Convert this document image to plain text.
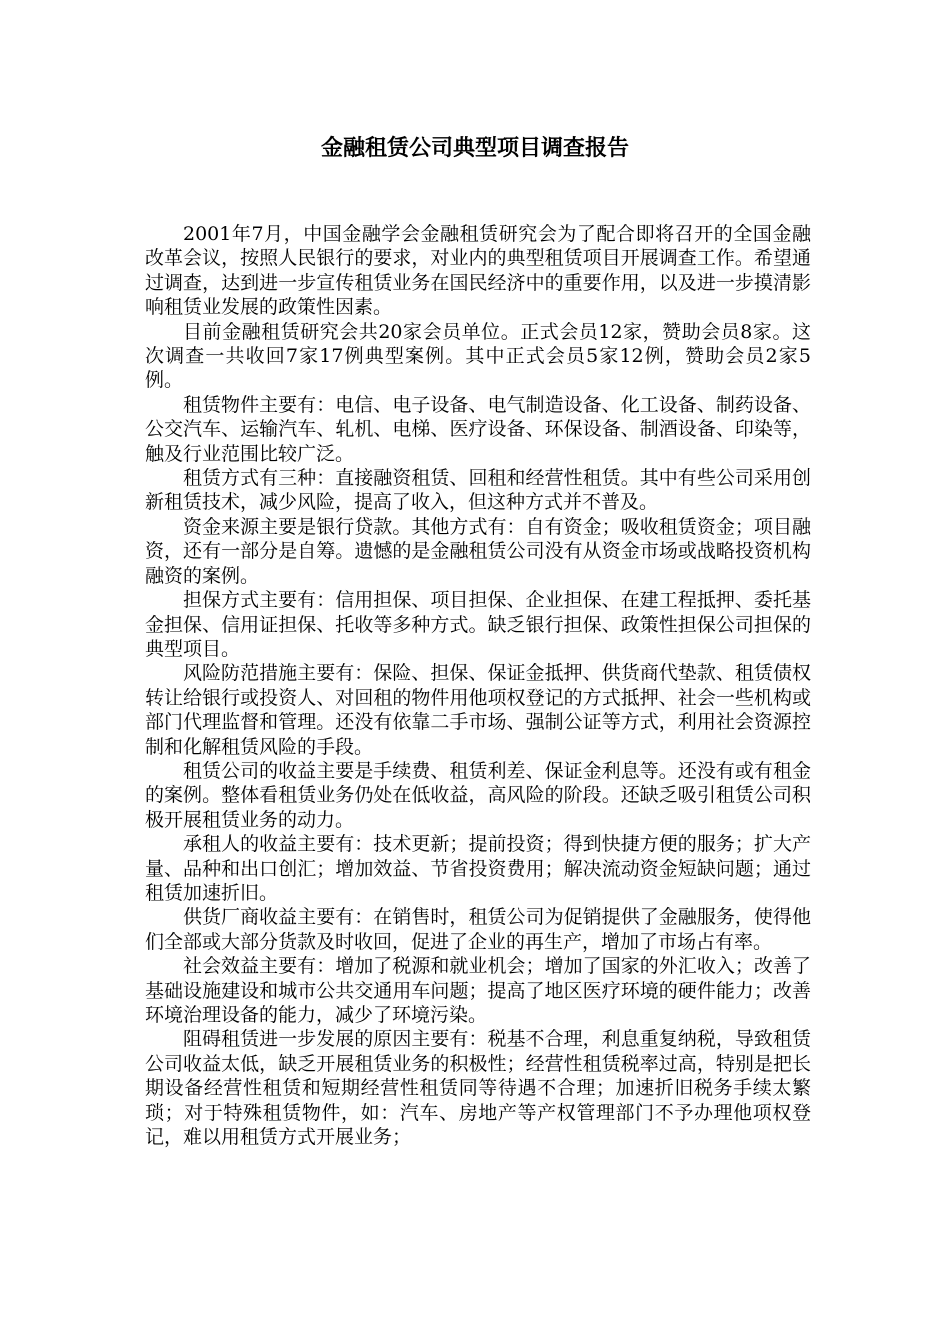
金融租赁公司典型项目调查报告

2001年7月，中国金融学会金融租赁研究会为了配合即将召开的全国金融改革会议，按照人民银行的要求，对业内的典型租赁项目开展调查工作。希望通过调查，达到进一步宣传租赁业务在国民经济中的重要作用，以及进一步摸清影响租赁业发展的政策性因素。

目前金融租赁研究会共20家会员单位。正式会员12家，赞助会员8家。这次调查一共收回7家17例典型案例。其中正式会员5家12例，赞助会员2家5例。

租赁物件主要有：电信、电子设备、电气制造设备、化工设备、制药设备、公交汽车、运输汽车、轧机、电梯、医疗设备、环保设备、制酒设备、印染等，触及行业范围比较广泛。

租赁方式有三种：直接融资租赁、回租和经营性租赁。其中有些公司采用创新租赁技术，减少风险，提高了收入，但这种方式并不普及。

资金来源主要是银行贷款。其他方式有：自有资金；吸收租赁资金；项目融资，还有一部分是自筹。遗憾的是金融租赁公司没有从资金市场或战略投资机构融资的案例。

担保方式主要有：信用担保、项目担保、企业担保、在建工程抵押、委托基金担保、信用证担保、托收等多种方式。缺乏银行担保、政策性担保公司担保的典型项目。

风险防范措施主要有：保险、担保、保证金抵押、供货商代垫款、租赁债权转让给银行或投资人、对回租的物件用他项权登记的方式抵押、社会一些机构或部门代理监督和管理。还没有依靠二手市场、强制公证等方式，利用社会资源控制和化解租赁风险的手段。

租赁公司的收益主要是手续费、租赁利差、保证金利息等。还没有或有租金的案例。整体看租赁业务仍处在低收益，高风险的阶段。还缺乏吸引租赁公司积极开展租赁业务的动力。

承租人的收益主要有：技术更新；提前投资；得到快捷方便的服务；扩大产量、品种和出口创汇；增加效益、节省投资费用；解决流动资金短缺问题；通过租赁加速折旧。

供货厂商收益主要有：在销售时，租赁公司为促销提供了金融服务，使得他们全部或大部分货款及时收回，促进了企业的再生产，增加了市场占有率。

社会效益主要有：增加了税源和就业机会；增加了国家的外汇收入；改善了基础设施建设和城市公共交通用车问题；提高了地区医疗环境的硬件能力；改善环境治理设备的能力，减少了环境污染。

阻碍租赁进一步发展的原因主要有：税基不合理，利息重复纳税，导致租赁公司收益太低，缺乏开展租赁业务的积极性；经营性租赁税率过高，特别是把长期设备经营性租赁和短期经营性租赁同等待遇不合理；加速折旧税务手续太繁琐；对于特殊租赁物件，如：汽车、房地产等产权管理部门不予办理他项权登记，难以用租赁方式开展业务；
